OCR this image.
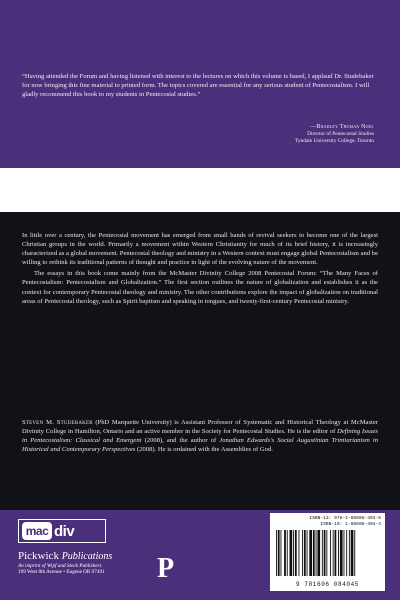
“Having attended the Forum and having listened with interest to the lectures on which this volume is based, I applaud Dr. Studebaker for now bringing this fine material to printed form. The topics covered are essential for any serious student of Pentecostalism. I will gladly recommend this book to my students in Pentecostal studies.”

—Bradley Truman Noel
Director of Pentecostal Studies
Tyndale University College, Toronto

In little over a century, the Pentecostal movement has emerged from small bands of revival seekers to become one of the largest Christian groups in the world. Primarily a movement within Western Christianity for much of its brief history, it is increasingly characterized as a global movement. Pentecostal theology and ministry in a Western context must engage global Pentecostalism and be willing to rethink its traditional patterns of thought and practice in light of the evolving nature of the movement.

The essays in this book come mainly from the McMaster Divinity College 2008 Pentecostal Forum: “The Many Faces of Pentecostalism: Pentecostalism and Globalization.” The first section outlines the nature of globalization and establishes it as the context for contemporary Pentecostal theology and ministry. The other contributions explore the impact of globalization on traditional areas of Pentecostal theology, such as Spirit baptism and speaking in tongues, and twenty-first-century Pentecostal ministry.

Steven M. Studebaker (PhD Marquette University) is Assistant Professor of Systematic and Historical Theology at McMaster Divinity College in Hamilton, Ontario and an active member in the Society for Pentecostal Studies. He is the editor of Defining Issues in Pentecostalism: Classical and Emergent (2008), and the author of Jonathan Edwards's Social Augustinian Trinitarianism in Historical and Contemporary Perspectives (2008). He is ordained with the Assemblies of God.

mac div
Pickwick Publications
An imprint of Wipf and Stock Publishers
199 West 8th Avenue • Eugene OR 97401 P
ISBN-13: 978-1-60608-404-5
ISBN-10: 1-60608-404-4
9 781606 084045
